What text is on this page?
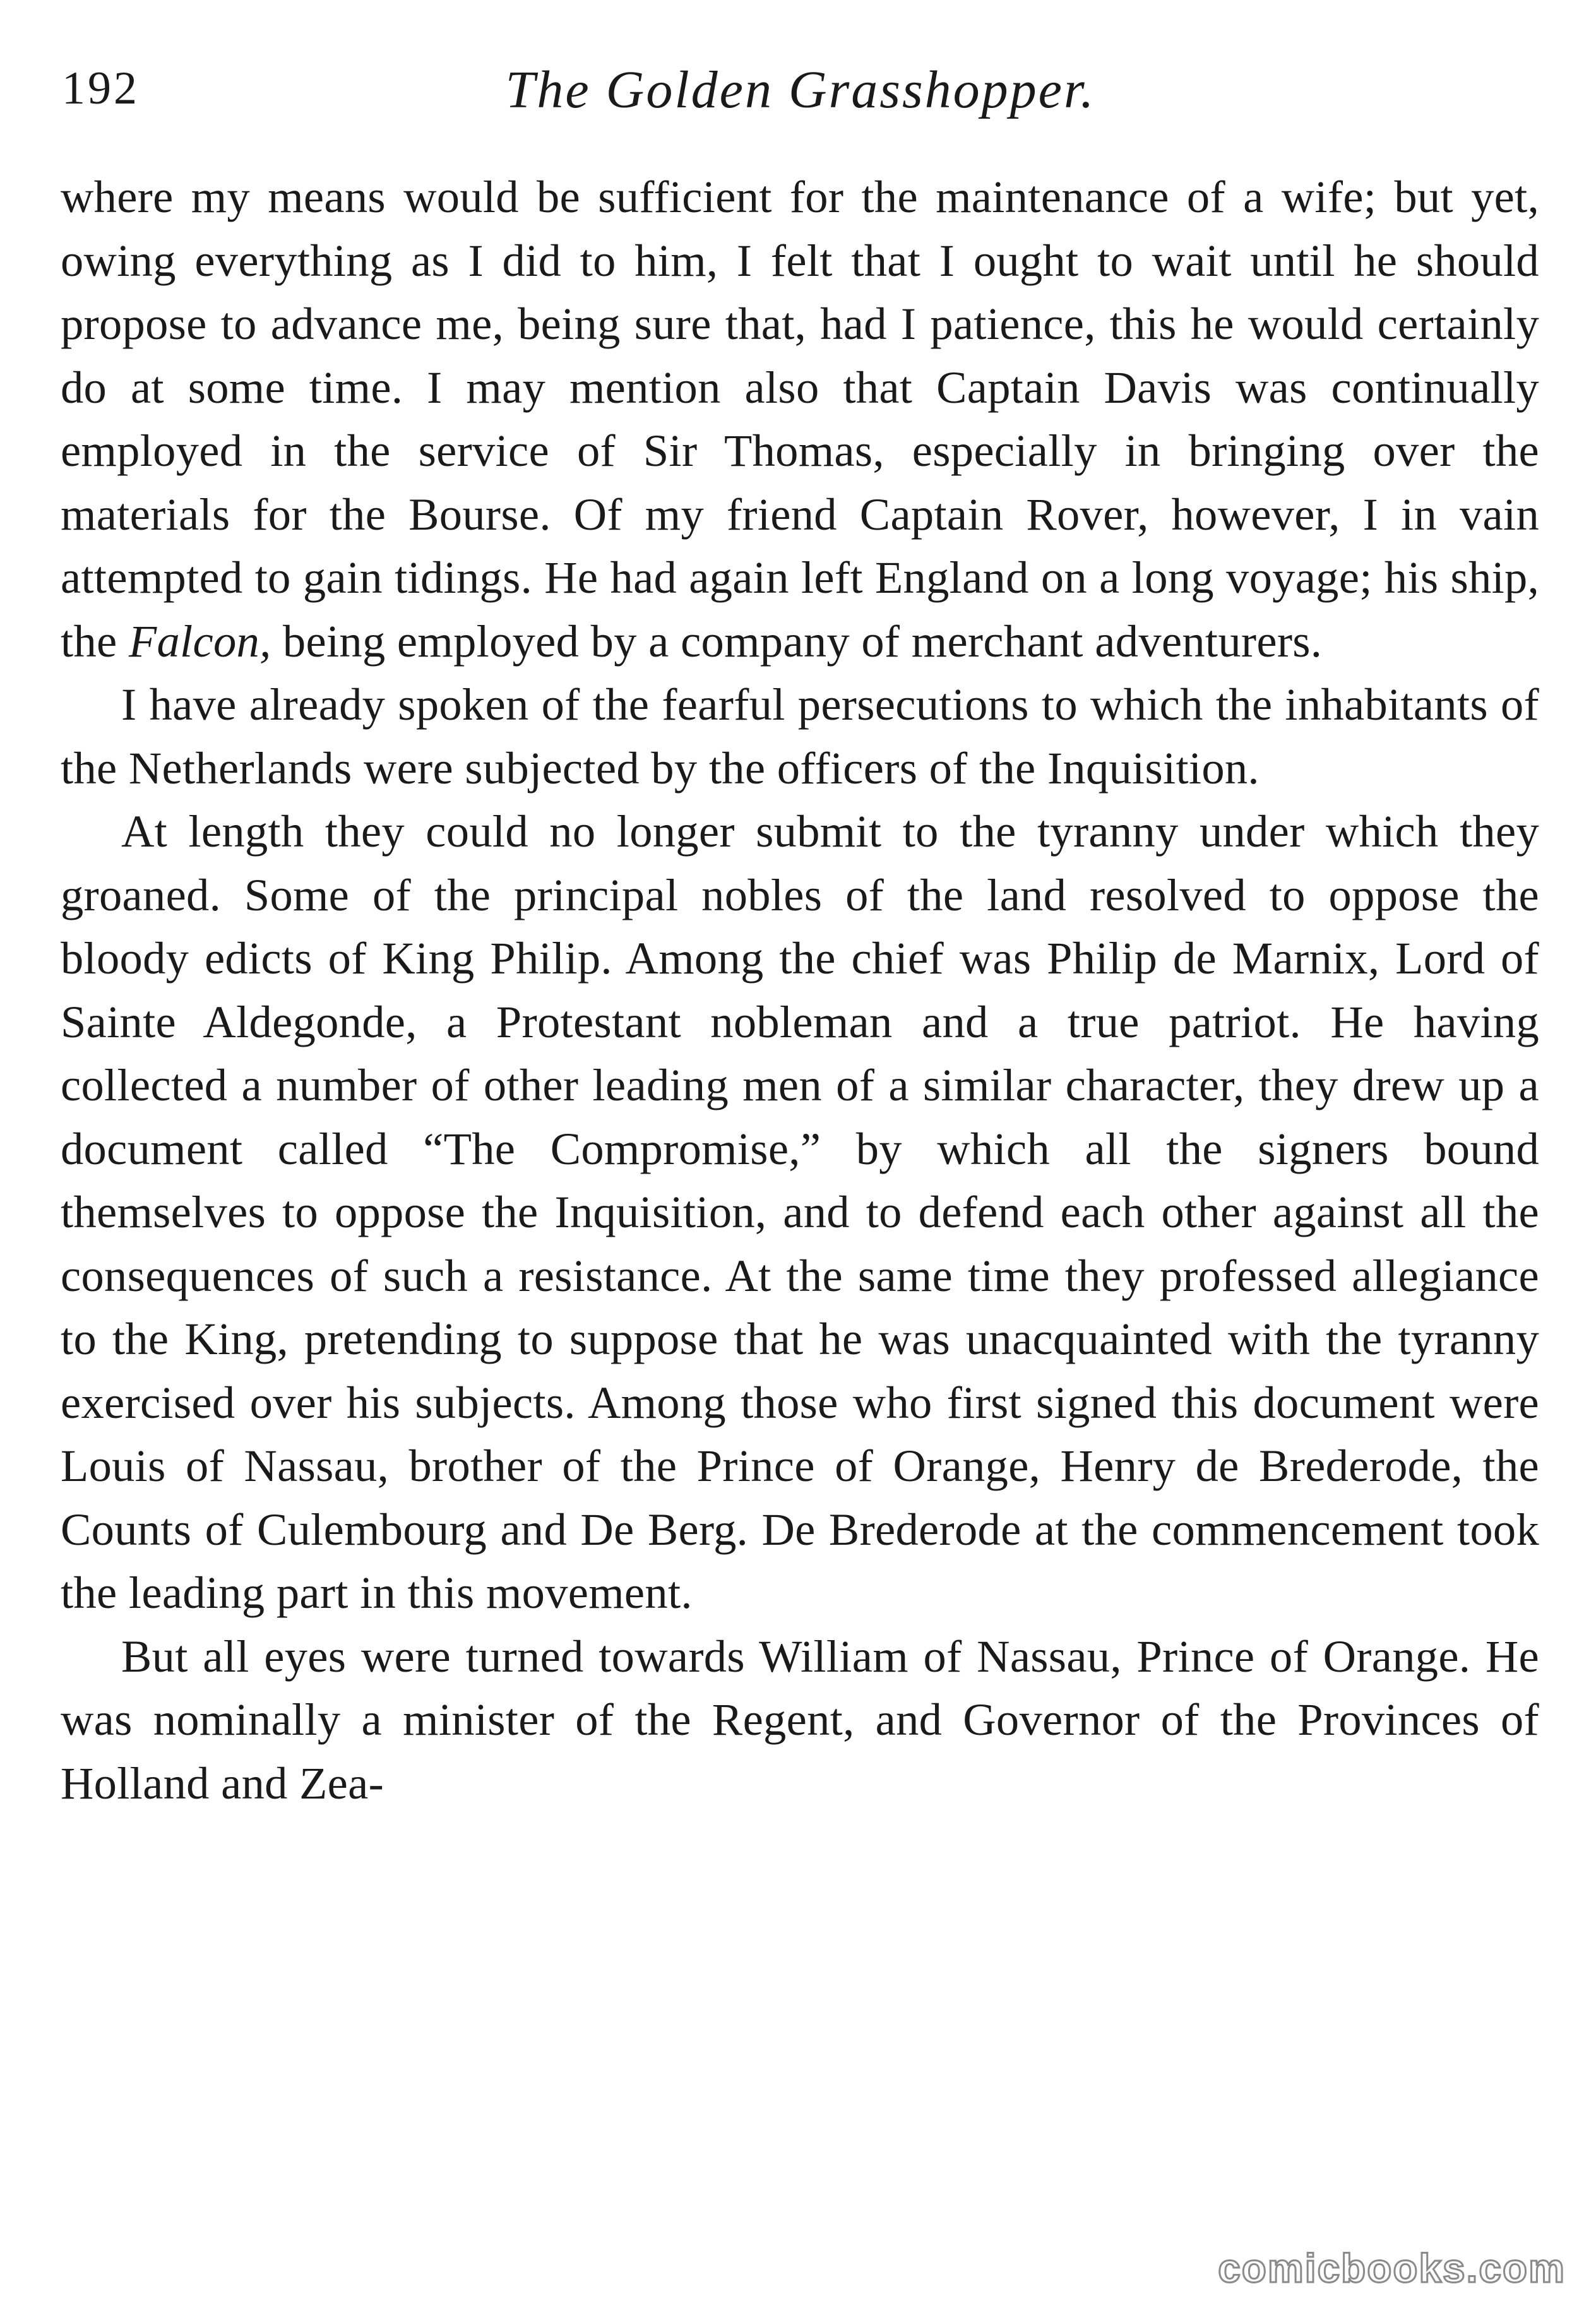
192	The Golden Grasshopper.

where my means would be sufficient for the maintenance of a wife; but yet, owing everything as I did to him, I felt that I ought to wait until he should propose to advance me, being sure that, had I patience, this he would certainly do at some time. I may mention also that Captain Davis was continually employed in the service of Sir Thomas, especially in bringing over the materials for the Bourse. Of my friend Captain Rover, however, I in vain attempted to gain tidings. He had again left England on a long voyage; his ship, the Falcon, being employed by a company of merchant adventurers.

I have already spoken of the fearful persecutions to which the inhabitants of the Netherlands were subjected by the officers of the Inquisition.

At length they could no longer submit to the tyranny under which they groaned. Some of the principal nobles of the land resolved to oppose the bloody edicts of King Philip. Among the chief was Philip de Marnix, Lord of Sainte Aldegonde, a Protestant nobleman and a true patriot. He having collected a number of other leading men of a similar character, they drew up a document called “The Compromise,” by which all the signers bound themselves to oppose the Inquisition, and to defend each other against all the consequences of such a resistance. At the same time they professed allegiance to the King, pretending to suppose that he was unacquainted with the tyranny exercised over his subjects. Among those who first signed this document were Louis of Nassau, brother of the Prince of Orange, Henry de Brederode, the Counts of Culembourg and De Berg. De Brederode at the commencement took the leading part in this movement.

But all eyes were turned towards William of Nassau, Prince of Orange. He was nominally a minister of the Regent, and Governor of the Provinces of Holland and Zea-

comicbooks.com
